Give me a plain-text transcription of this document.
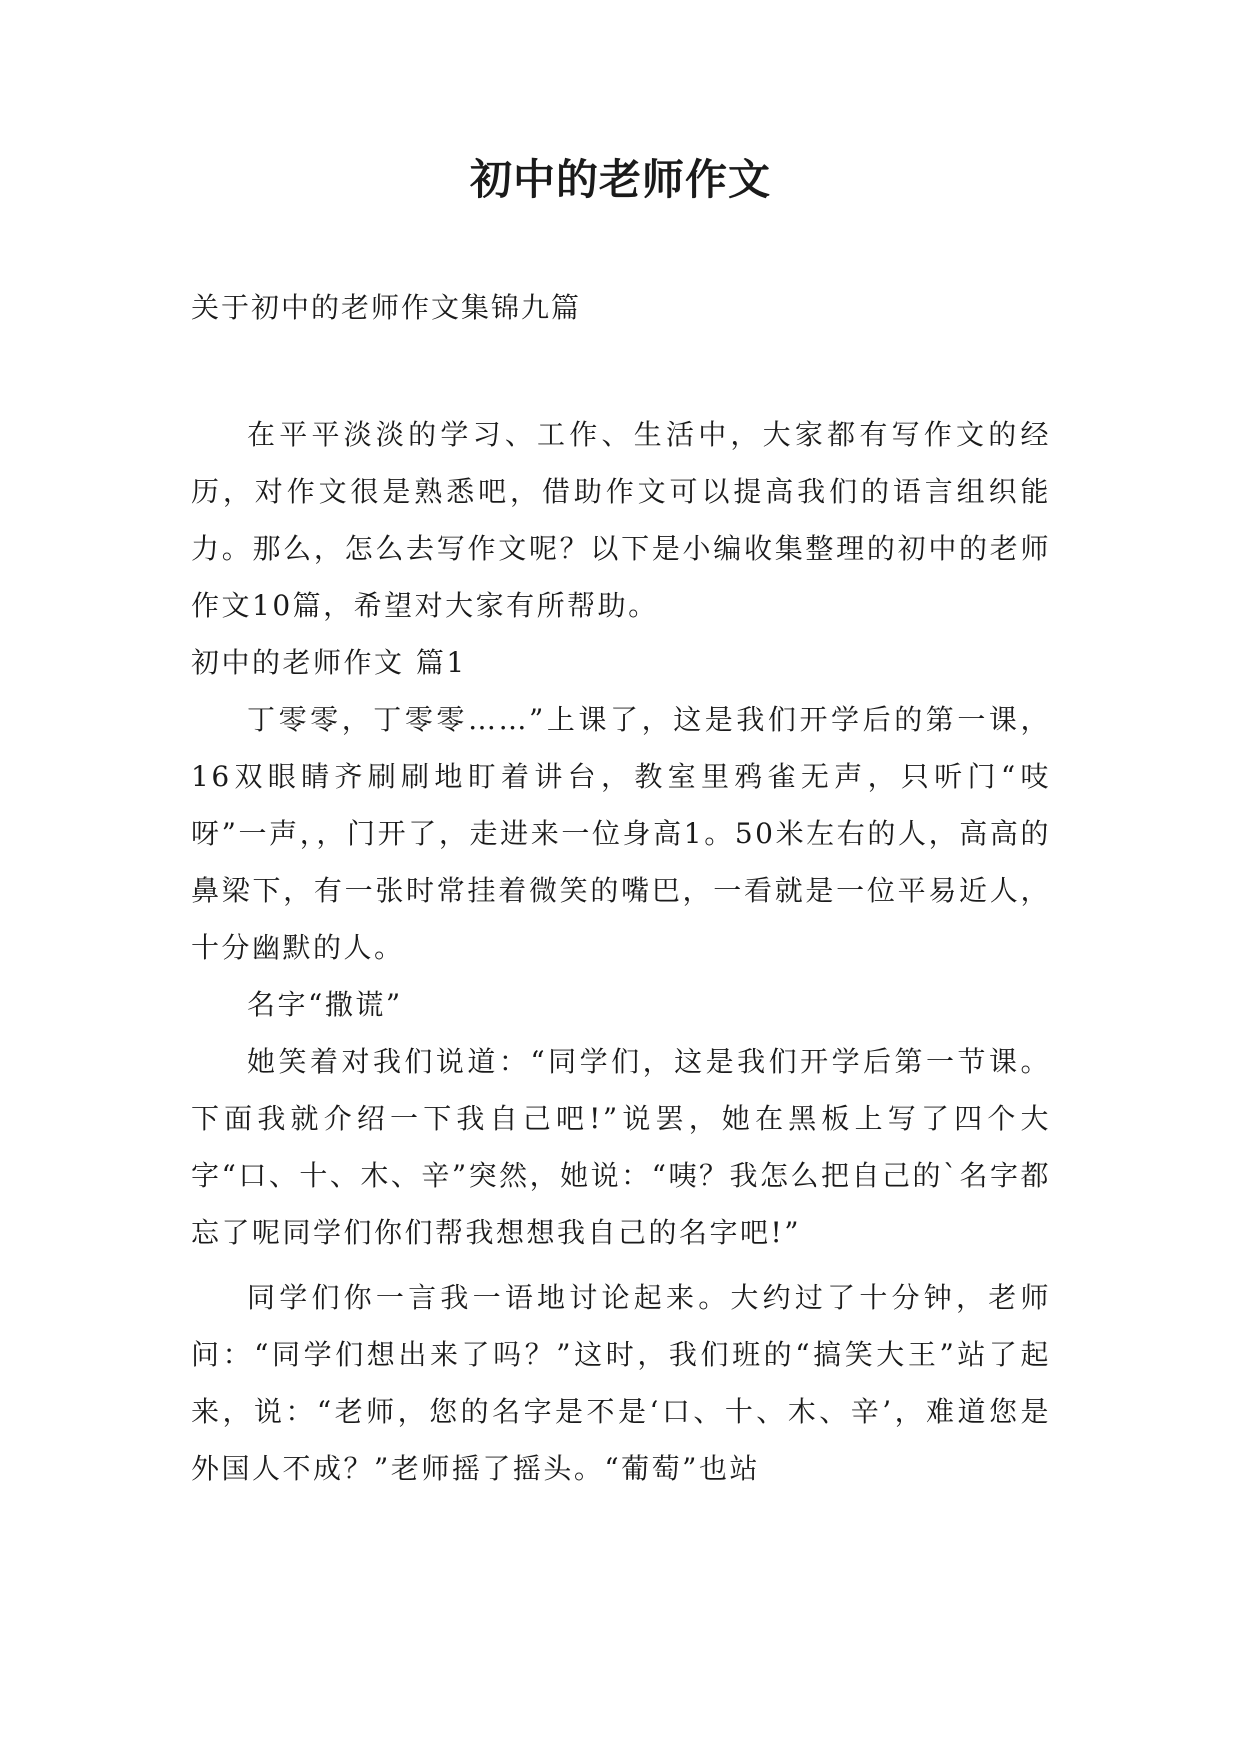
初中的老师作文
关于初中的老师作文集锦九篇

在平平淡淡的学习、工作、生活中，大家都有写作文的经历，对作文很是熟悉吧，借助作文可以提高我们的语言组织能力。那么，怎么去写作文呢？以下是小编收集整理的初中的老师作文10篇，希望对大家有所帮助。

初中的老师作文 篇1

丁零零，丁零零……”上课了，这是我们开学后的第一课，16双眼睛齐刷刷地盯着讲台，教室里鸦雀无声，只听门“吱呀”一声，，门开了，走进来一位身高1。50米左右的人，高高的鼻梁下，有一张时常挂着微笑的嘴巴，一看就是一位平易近人，十分幽默的人。

名字“撒谎”

她笑着对我们说道：“同学们，这是我们开学后第一节课。下面我就介绍一下我自己吧!”说罢，她在黑板上写了四个大字“口、十、木、辛”突然，她说：“咦？我怎么把自己的`名字都忘了呢同学们你们帮我想想我自己的名字吧!”

同学们你一言我一语地讨论起来。大约过了十分钟，老师问：“同学们想出来了吗？”这时，我们班的“搞笑大王”站了起来，说：“老师，您的名字是不是‘口、十、木、辛’，难道您是外国人不成？”老师摇了摇头。“葡萄”也站
